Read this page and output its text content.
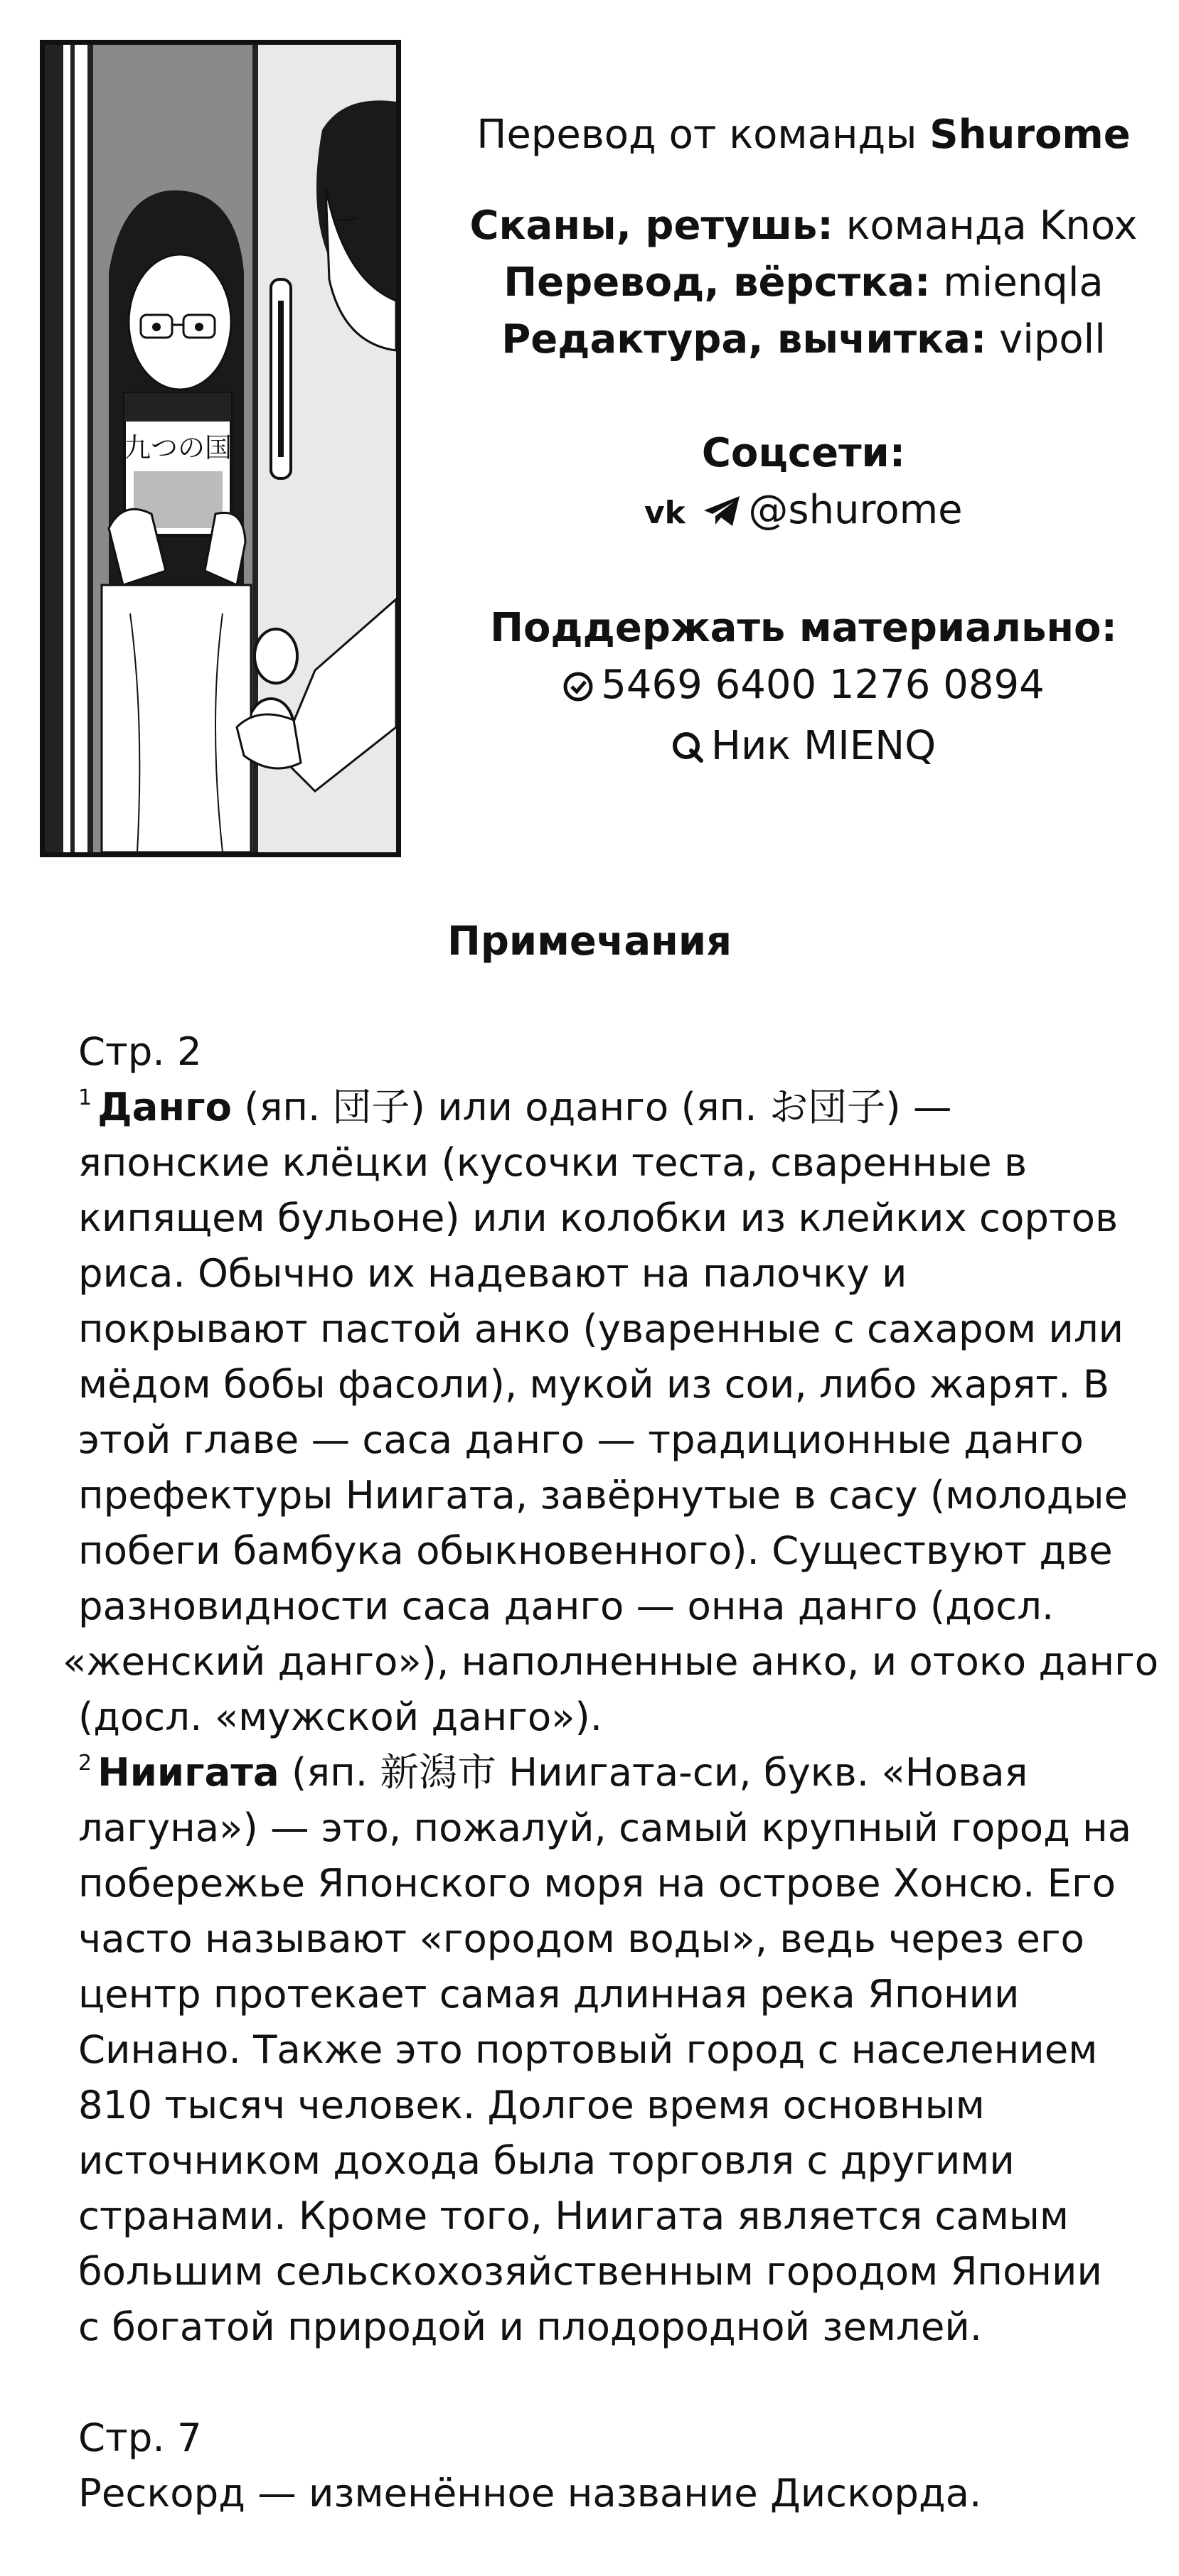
九つの国
● ● ●
Перевод от команды Shurome
Сканы, ретушь: команда Knox
Перевод, вёрстка: mienqla
Редактура, вычитка: vipoll
Соцсети:
vk @shurome
Поддержать материально:
5469 6400 1276 0894
Ник MIENQ
Примечания

Стр. 2

$^1$ Данго (яп. 団子) или оданго (яп. お団子) —

японские клёцки (кусочки теста, сваренные в

кипящем бульоне) или колобки из клейких сортов

риса. Обычно их надевают на палочку и

покрывают пастой анко (уваренные с сахаром или

мёдом бобы фасоли), мукой из сои, либо жарят. В

этой главе — саса данго — традиционные данго

префектуры Ниигата, завёрнутые в сасу (молодые

побеги бамбука обыкновенного). Существуют две

разновидности саса данго — онна данго (досл.

«женский данго»), наполненные анко, и отоко данго

(досл. «мужской данго»).

$^2$ Ниигата (яп. 新潟市 Ниигата-си, букв. «Новая

лагуна») — это, пожалуй, самый крупный город на

побережье Японского моря на острове Хонсю. Его

часто называют «городом воды», ведь через его

центр протекает самая длинная река Японии

Синано. Также это портовый город с населением

810 тысяч человек. Долгое время основным

источником дохода была торговля с другими

странами. Кроме того, Ниигата является самым

большим сельскохозяйственным городом Японии

с богатой природой и плодородной землей.

Стр. 7

Рескорд — изменённое название Дискорда.
